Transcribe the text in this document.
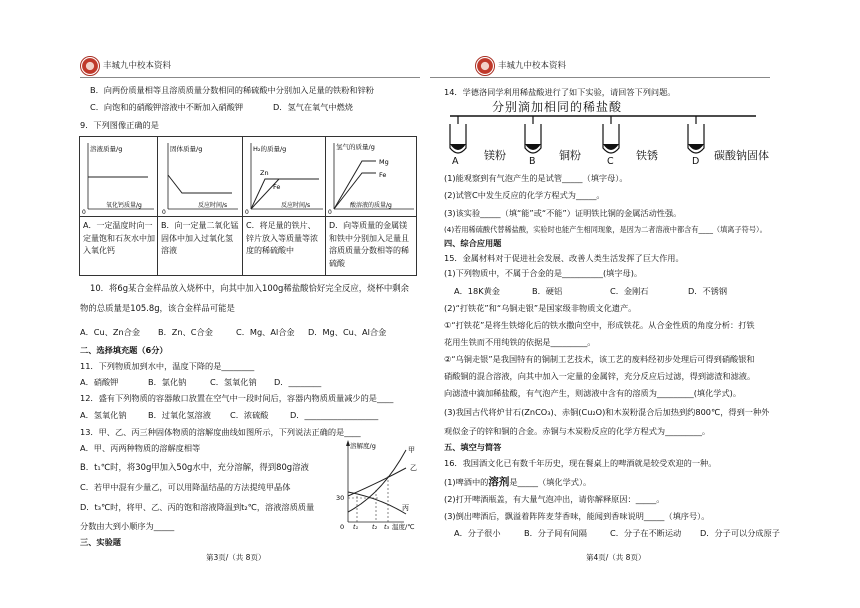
丰城九中校本资料
B．向两份质量相等且溶质质量分数相同的稀硫酸中分别加入足量的铁粉和锌粉
C．向饱和的硝酸钾溶液中不断加入硝酸钾	D．氢气在氧气中燃烧
9．下列图像正确的是
溶液质量/g
氧化钙质量/g
0
固体质量/g
反应时间/s
0
H₂的质量/g
反应时间/s
0
Zn
Fe
氢气的质量/g
酸溶液的质量/g
0
Mg
Fe
A．一定温度时向一定量饱和石灰水中加入氧化钙
B．向一定量二氧化锰固体中加入过氧化氢溶液
C．将足量的铁片、锌片放入等质量等浓度的稀硫酸中
D．向等质量的金属镁和铁中分别加入足量且溶质质量分数相等的稀硫酸
10．将6g某合金样品放入烧杯中，向其中加入100g稀盐酸恰好完全反应，烧杯中剩余
物的总质量是105.8g，该合金样品可能是
A．Cu、Zn合金 B．Zn、C合金	C．Mg、Al合金 D．Mg、Cu、Al合金
二、选择填充题（6分）
11．下列物质加到水中，温度下降的是________
A．硝酸钾	B．氯化钠	C．氢氧化钠 D．________
12．盛有下列物质的容器敞口放置在空气中一段时间后，容器内物质质量减少的是____
A．氢氧化钠	B．过氧化氢溶液 C．浓硫酸	D．__________________
13．甲、乙、丙三种固体物质的溶解度曲线如图所示，下列说法正确的是____
A．甲、丙两种物质的溶解度相等
B．t₁℃时，将30g甲加入50g水中，充分溶解，得到80g溶液
C．若甲中混有少量乙，可以用降温结晶的方法提纯甲晶体
D．t₃℃时，将甲、乙、丙的饱和溶液降温到t₂℃，溶液溶质质量
分数由大到小顺序为_____
溶解度/g
30
0 t₁ t₂ t₃ 温度/℃
甲
乙
丙
三、实验题
第3页/（共 8页）
丰城九中校本资料
14．学德洛同学利用稀盐酸进行了如下实验，请回答下列问题。
分别滴加相同的稀盐酸
A 镁粉 B 铜粉	C 铁锈	D 碳酸钠固体
(1)能观察到有气泡产生的是试管_____（填字母）。
(2)试管C中发生反应的化学方程式为_____。
(3)该实验_____（填“能”或“不能”）证明铁比铜的金属活动性强。
(4)若用稀硫酸代替稀盐酸，实验时也能产生相同现象，是因为二者溶液中都含有____（填离子符号）。
四、综合应用题
15．金属材料对于促进社会发展、改善人类生活发挥了巨大作用。
(1)下列物质中，不属于合金的是__________(填字母)。
A．18K黄金	B．硬铝	C．金刚石	D．不锈钢
(2)“打铁花”和“乌铜走银”是国家级非物质文化遗产。
①“打铁花”是将生铁熔化后的铁水撒向空中，形成铁花。从合金性质的角度分析：打铁
花用生铁而不用纯铁的依据是_________。
②“乌铜走银”是我国特有的铜制工艺技术，该工艺的废料经初步处理后可得到硝酸银和
硝酸铜的混合溶液，向其中加入一定量的金属锌，充分反应后过滤，得到滤渣和滤液。
向滤渣中滴加稀盐酸，有气泡产生，则滤液中含有的溶质为_________(填化学式)。
(3)我国古代将炉甘石(ZnCO₃)、赤铜(Cu₂O)和木炭粉混合后加热到约800℃，得到一种外
观似金子的锌和铜的合金。赤铜与木炭粉反应的化学方程式为_________。
五、填空与简答
16．我国酒文化已有数千年历史，现在餐桌上的啤酒就是较受欢迎的一种。
(1)啤酒中的溶剂是_____（填化学式）。
(2)打开啤酒瓶盖，有大量气泡冲出，请你解释原因：_____。
(3)倒出啤酒后，飘溢着阵阵麦芽香味，能闻到香味说明_____（填序号）。
A．分子很小	B．分子间有间隔	C．分子在不断运动 D．分子可以分成原子
第4页/（共 8页）
